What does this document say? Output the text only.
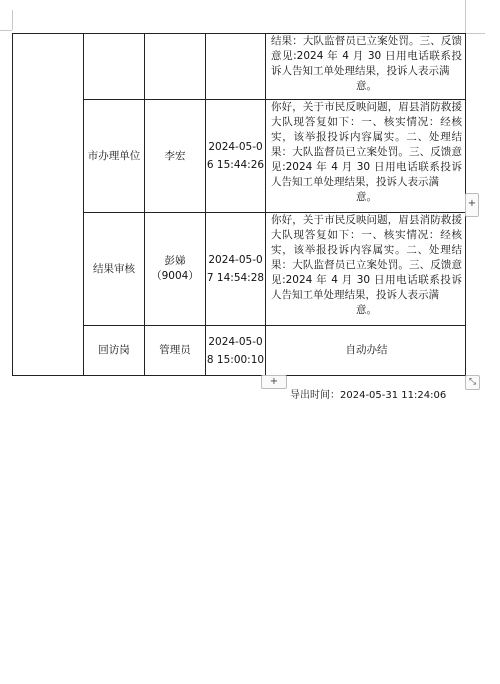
				结果：大队监督员已立案处罚。三、反馈意见:2024 年 4 月 30 日用电话联系投诉人告知工单处理结果，投诉人表示满
意。

	市办理单位	李宏	2024-05-06 15:44:26	你好，关于市民反映问题，眉县消防救援大队现答复如下：一、核实情况：经核实，该举报投诉内容属实。二、处理结果：大队监督员已立案处罚。三、反馈意见:2024 年 4 月 30 日用电话联系投诉人告知工单处理结果，投诉人表示满
意。

	结果审核	彭娣（9004）	2024-05-07 14:54:28	你好，关于市民反映问题，眉县消防救援大队现答复如下：一、核实情况：经核实，该举报投诉内容属实。二、处理结果：大队监督员已立案处罚。三、反馈意见:2024 年 4 月 30 日用电话联系投诉人告知工单处理结果，投诉人表示满
意。

	回访岗	管理员	2024-05-08 15:00:10	自动办结
+
+	⤡
导出时间：2024-05-31 11:24:06
